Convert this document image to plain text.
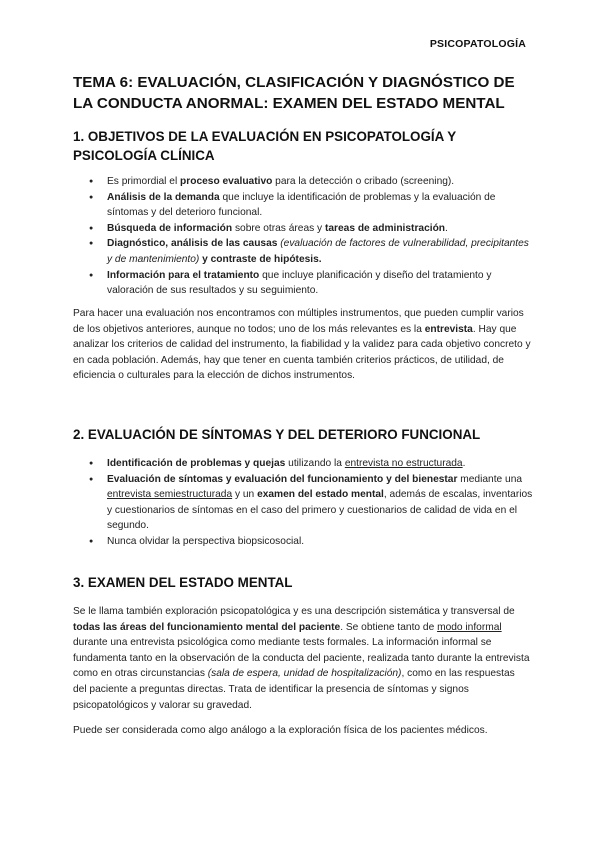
PSICOPATOLOGÍA
TEMA 6: EVALUACIÓN, CLASIFICACIÓN Y DIAGNÓSTICO DE LA CONDUCTA ANORMAL: EXAMEN DEL ESTADO MENTAL
1. OBJETIVOS DE LA EVALUACIÓN EN PSICOPATOLOGÍA Y PSICOLOGÍA CLÍNICA
● Es primordial el proceso evaluativo para la detección o cribado (screening).
● Análisis de la demanda que incluye la identificación de problemas y la evaluación de síntomas y del deterioro funcional.
● Búsqueda de información sobre otras áreas y tareas de administración.
● Diagnóstico, análisis de las causas (evaluación de factores de vulnerabilidad, precipitantes y de mantenimiento) y contraste de hipótesis.
● Información para el tratamiento que incluye planificación y diseño del tratamiento y valoración de sus resultados y su seguimiento.

Para hacer una evaluación nos encontramos con múltiples instrumentos, que pueden cumplir varios de los objetivos anteriores, aunque no todos; uno de los más relevantes es la entrevista. Hay que analizar los criterios de calidad del instrumento, la fiabilidad y la validez para cada objetivo concreto y en cada población. Además, hay que tener en cuenta también criterios prácticos, de utilidad, de eficiencia o culturales para la elección de dichos instrumentos.

2. EVALUACIÓN DE SÍNTOMAS Y DEL DETERIORO FUNCIONAL
● Identificación de problemas y quejas utilizando la entrevista no estructurada.
● Evaluación de síntomas y evaluación del funcionamiento y del bienestar mediante una entrevista semiestructurada y un examen del estado mental, además de escalas, inventarios y cuestionarios de síntomas en el caso del primero y cuestionarios de calidad de vida en el segundo.
● Nunca olvidar la perspectiva biopsicosocial.
3. EXAMEN DEL ESTADO MENTAL

Se le llama también exploración psicopatológica y es una descripción sistemática y transversal de todas las áreas del funcionamiento mental del paciente. Se obtiene tanto de modo informal durante una entrevista psicológica como mediante tests formales. La información informal se fundamenta tanto en la observación de la conducta del paciente, realizada tanto durante la entrevista como en otras circunstancias (sala de espera, unidad de hospitalización), como en las respuestas del paciente a preguntas directas. Trata de identificar la presencia de síntomas y signos psicopatológicos y valorar su gravedad.

Puede ser considerada como algo análogo a la exploración física de los pacientes médicos.
